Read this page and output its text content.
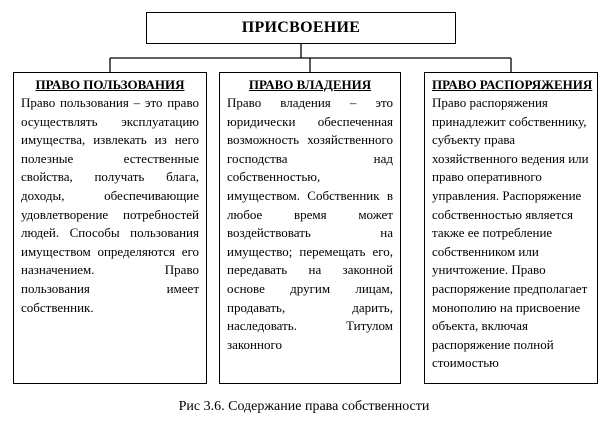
ПРИСВОЕНИЕ
ПРАВО ПОЛЬЗОВАНИЯ
Право пользования – это право осуществлять эксплуатацию имущества, извлекать из него полезные естественные свойства, получать блага, доходы, обеспечивающие удовлетворение потребностей людей. Способы пользования имуществом определяются его назначением. Право пользования имеет собственник.
ПРАВО ВЛАДЕНИЯ
Право владения – это юридически обеспеченная возможность хозяйственного господства над собственностью, имуществом. Собственник в любое время может воздействовать на имущество; перемещать его, передавать на законной основе другим лицам, продавать, дарить, наследовать. Титулом законного
ПРАВО РАСПОРЯЖЕНИЯ
Право распоряжения принадлежит собственнику, субъекту права хозяйственного ведения или право оперативного управления. Распоряжение собственностью является также ее потребление собственником или уничтожение. Право распоряжение предполагает монополию на присвоение объекта, включая распоряжение полной стоимостью
Рис 3.6. Содержание права собственности
